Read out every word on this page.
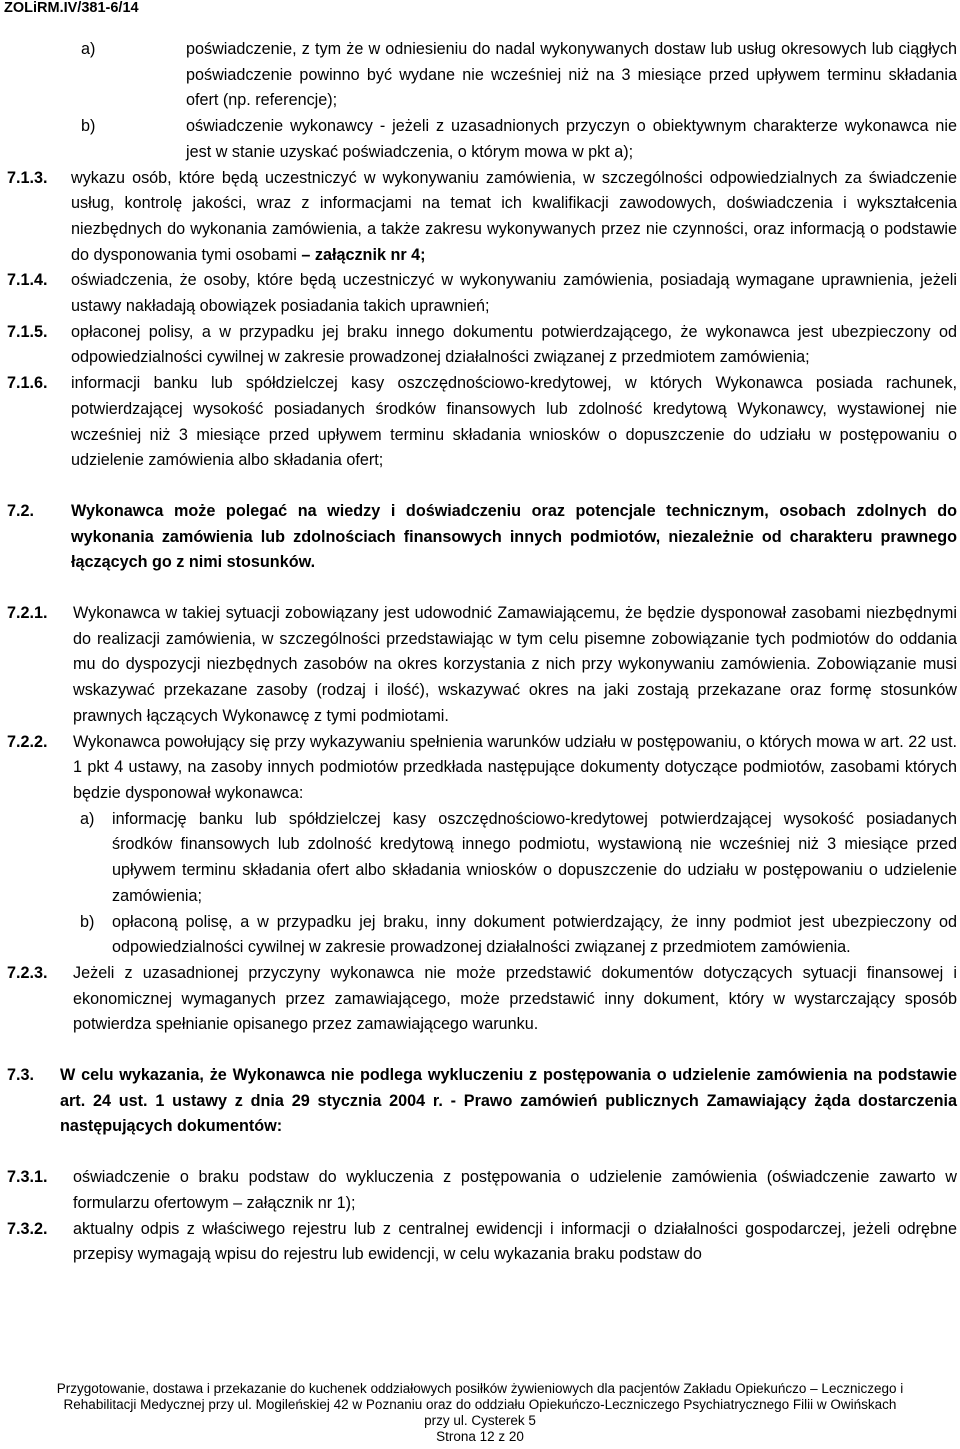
ZOLiRM.IV/381-6/14
a)	poświadczenie, z tym że w odniesieniu do nadal wykonywanych dostaw lub usług okresowych lub ciągłych poświadczenie powinno być wydane nie wcześniej niż na 3 miesiące przed upływem terminu składania ofert (np. referencje);
b)	oświadczenie wykonawcy - jeżeli z uzasadnionych przyczyn o obiektywnym charakterze wykonawca nie jest w stanie uzyskać poświadczenia, o którym mowa w pkt a);
7.1.3.	wykazu osób, które będą uczestniczyć w wykonywaniu zamówienia, w szczególności odpowiedzialnych za świadczenie usług, kontrolę jakości, wraz z informacjami na temat ich kwalifikacji zawodowych, doświadczenia i wykształcenia niezbędnych do wykonania zamówienia, a także zakresu wykonywanych przez nie czynności, oraz informacją o podstawie do dysponowania tymi osobami – załącznik nr 4;
7.1.4.	oświadczenia, że osoby, które będą uczestniczyć w wykonywaniu zamówienia, posiadają wymagane uprawnienia, jeżeli ustawy nakładają obowiązek posiadania takich uprawnień;
7.1.5.	opłaconej polisy, a w przypadku jej braku innego dokumentu potwierdzającego, że wykonawca jest ubezpieczony od odpowiedzialności cywilnej w zakresie prowadzonej działalności związanej z przedmiotem zamówienia;
7.1.6.	informacji banku lub spółdzielczej kasy oszczędnościowo-kredytowej, w których Wykonawca posiada rachunek, potwierdzającej wysokość posiadanych środków finansowych lub zdolność kredytową Wykonawcy, wystawionej nie wcześniej niż 3 miesiące przed upływem terminu składania wniosków o dopuszczenie do udziału w postępowaniu o udzielenie zamówienia albo składania ofert;
7.2.	Wykonawca może polegać na wiedzy i doświadczeniu oraz potencjale technicznym, osobach zdolnych do wykonania zamówienia lub zdolnościach finansowych innych podmiotów, niezależnie od charakteru prawnego łączących go z nimi stosunków.
7.2.1.	Wykonawca w takiej sytuacji zobowiązany jest udowodnić Zamawiającemu, że będzie dysponował zasobami niezbędnymi do realizacji zamówienia, w szczególności przedstawiając w tym celu pisemne zobowiązanie tych podmiotów do oddania mu do dyspozycji niezbędnych zasobów na okres korzystania z nich przy wykonywaniu zamówienia. Zobowiązanie musi wskazywać przekazane zasoby (rodzaj i ilość), wskazywać okres na jaki zostają przekazane oraz formę stosunków prawnych łączących Wykonawcę z tymi podmiotami.
7.2.2.	Wykonawca powołujący się przy wykazywaniu spełnienia warunków udziału w postępowaniu, o których mowa w art. 22 ust. 1 pkt 4 ustawy, na zasoby innych podmiotów przedkłada następujące dokumenty dotyczące podmiotów, zasobami których będzie dysponował wykonawca:
a)	informację banku lub spółdzielczej kasy oszczędnościowo-kredytowej potwierdzającej wysokość posiadanych środków finansowych lub zdolność kredytową innego podmiotu, wystawioną nie wcześniej niż 3 miesiące przed upływem terminu składania ofert albo składania wniosków o dopuszczenie do udziału w postępowaniu o udzielenie zamówienia;
b)	opłaconą polisę, a w przypadku jej braku, inny dokument potwierdzający, że inny podmiot jest ubezpieczony od odpowiedzialności cywilnej w zakresie prowadzonej działalności związanej z przedmiotem zamówienia.
7.2.3.	Jeżeli z uzasadnionej przyczyny wykonawca nie może przedstawić dokumentów dotyczących sytuacji finansowej i ekonomicznej wymaganych przez zamawiającego, może przedstawić inny dokument, który w wystarczający sposób potwierdza spełnianie opisanego przez zamawiającego warunku.
7.3.	W celu wykazania, że Wykonawca nie podlega wykluczeniu z postępowania o udzielenie zamówienia na podstawie art. 24 ust. 1 ustawy z dnia 29 stycznia 2004 r. - Prawo zamówień publicznych Zamawiający żąda dostarczenia następujących dokumentów:
7.3.1.	oświadczenie o braku podstaw do wykluczenia z postępowania o udzielenie zamówienia (oświadczenie zawarto w formularzu ofertowym – załącznik nr 1);
7.3.2.	aktualny odpis z właściwego rejestru lub z centralnej ewidencji i informacji o działalności gospodarczej, jeżeli odrębne przepisy wymagają wpisu do rejestru lub ewidencji, w celu wykazania braku podstaw do
Przygotowanie, dostawa i przekazanie do kuchenek oddziałowych posiłków żywieniowych dla pacjentów Zakładu Opiekuńczo – Leczniczego i
Rehabilitacji Medycznej przy ul. Mogileńskiej 42 w Poznaniu oraz do oddziału Opiekuńczo-Leczniczego Psychiatrycznego Filii w Owińskach
przy ul. Cysterek 5
Strona 12 z 20
